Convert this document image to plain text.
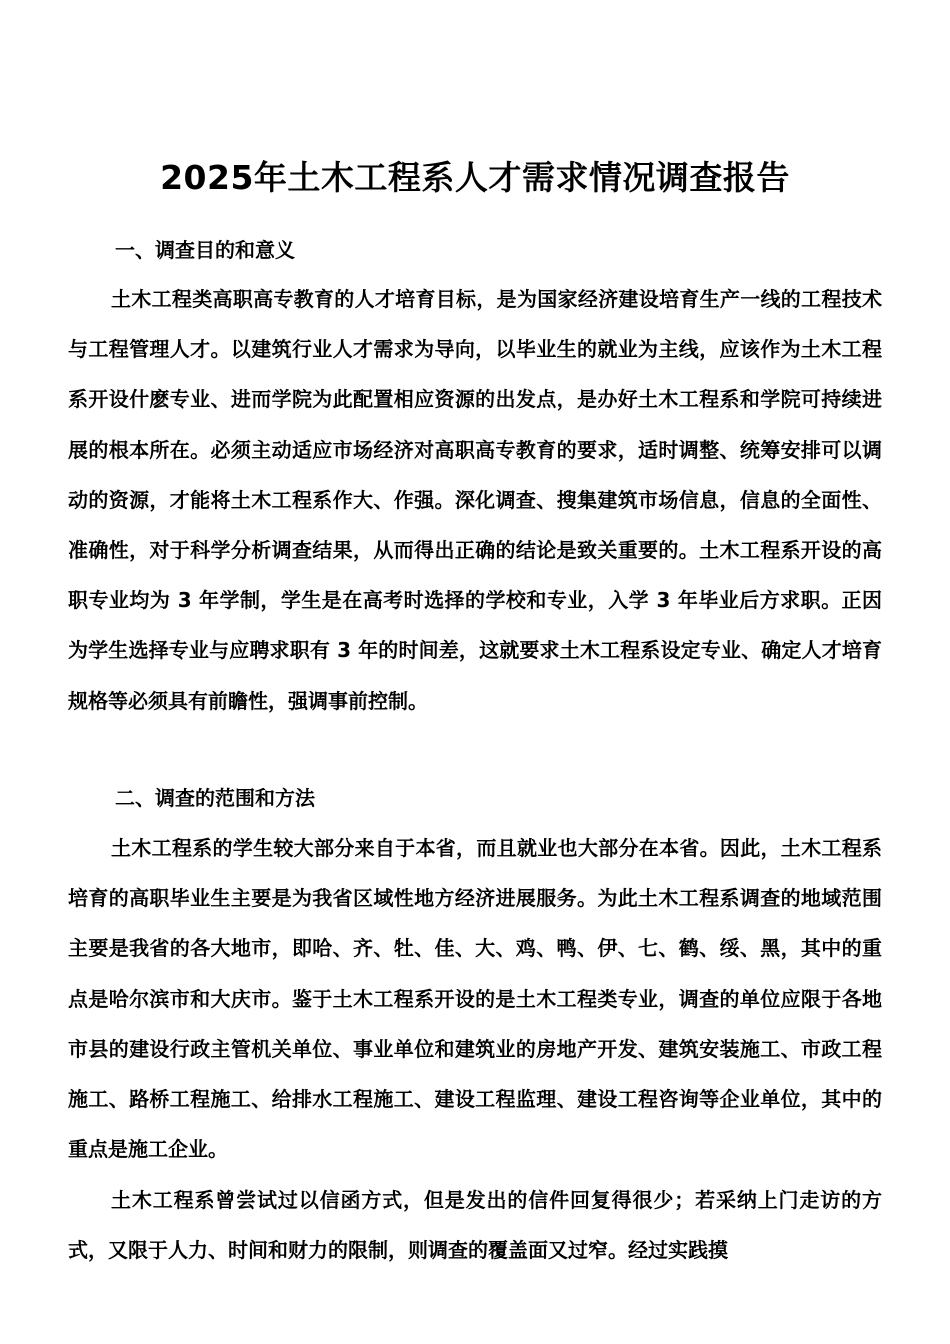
2025年土木工程系人才需求情况调查报告
一、调查目的和意义

土木工程类高职高专教育的人才培育目标，是为国家经济建设培育生产一线的工程技术与工程管理人才。以建筑行业人才需求为导向，以毕业生的就业为主线，应该作为土木工程系开设什麽专业、进而学院为此配置相应资源的出发点，是办好土木工程系和学院可持续进展的根本所在。必须主动适应市场经济对高职高专教育的要求，适时调整、统筹安排可以调动的资源，才能将土木工程系作大、作强。深化调查、搜集建筑市场信息，信息的全面性、准确性，对于科学分析调查结果，从而得出正确的结论是致关重要的。土木工程系开设的高职专业均为 3 年学制，学生是在高考时选择的学校和专业，入学 3 年毕业后方求职。正因为学生选择专业与应聘求职有 3 年的时间差，这就要求土木工程系设定专业、确定人才培育规格等必须具有前瞻性，强调事前控制。

二、调查的范围和方法

土木工程系的学生较大部分来自于本省，而且就业也大部分在本省。因此，土木工程系培育的高职毕业生主要是为我省区域性地方经济进展服务。为此土木工程系调查的地域范围主要是我省的各大地市，即哈、齐、牡、佳、大、鸡、鸭、伊、七、鹤、绥、黑，其中的重点是哈尔滨市和大庆市。鉴于土木工程系开设的是土木工程类专业，调查的单位应限于各地市县的建设行政主管机关单位、事业单位和建筑业的房地产开发、建筑安装施工、市政工程施工、路桥工程施工、给排水工程施工、建设工程监理、建设工程咨询等企业单位，其中的重点是施工企业。

土木工程系曾尝试过以信函方式，但是发出的信件回复得很少；若采纳上门走访的方式，又限于人力、时间和财力的限制，则调查的覆盖面又过窄。经过实践摸
